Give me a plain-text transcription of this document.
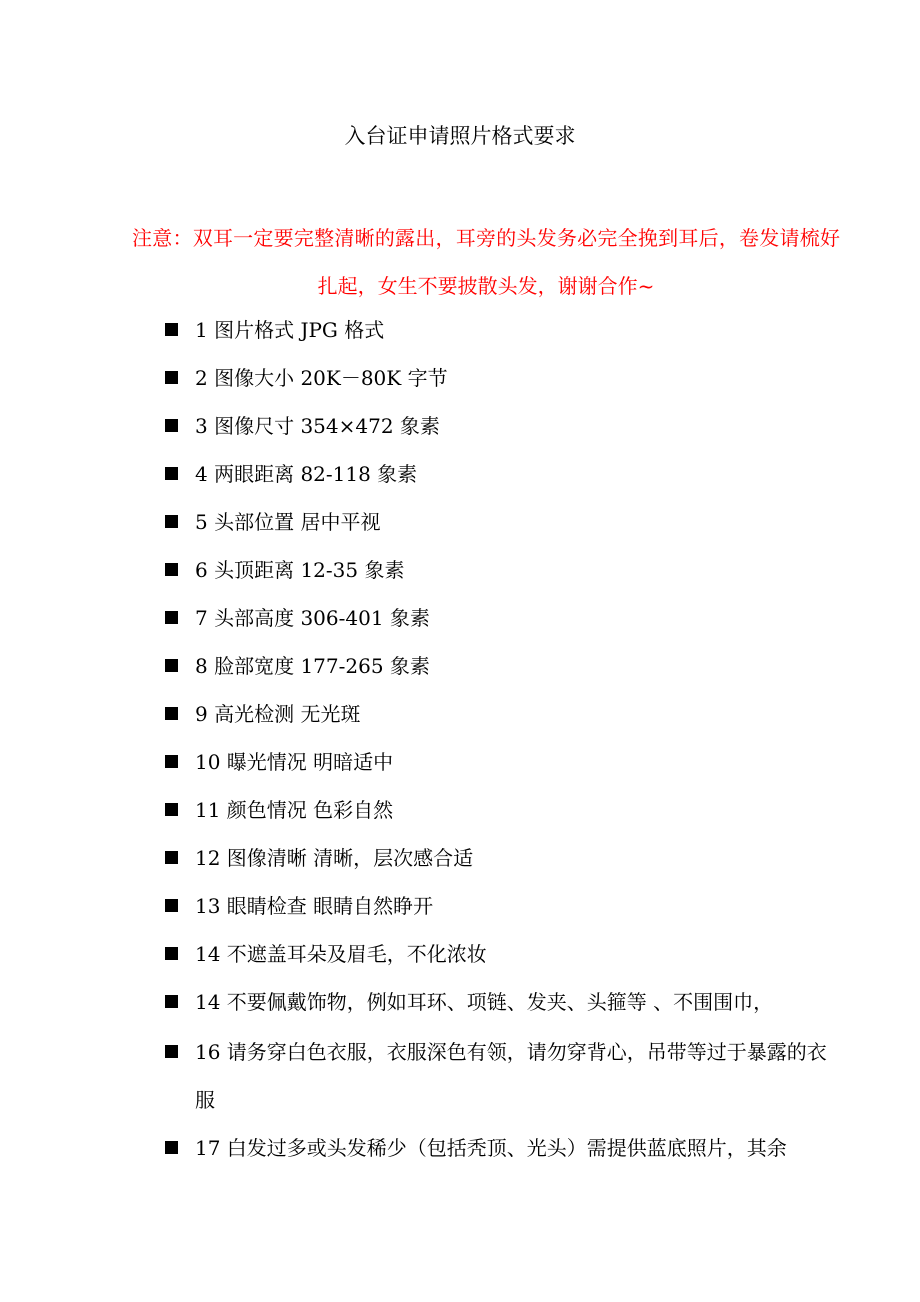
入台证申请照片格式要求
注意：双耳一定要完整清晰的露出，耳旁的头发务必完全挽到耳后，卷发请梳好扎起，女生不要披散头发，谢谢合作~
1 图片格式 JPG 格式
2 图像大小 20K－80K 字节
3 图像尺寸 354×472 象素
4 两眼距离 82-118 象素
5 头部位置 居中平视
6 头顶距离 12-35 象素
7 头部高度 306-401 象素
8 脸部宽度 177-265 象素
9 高光检测 无光斑
10 曝光情况 明暗适中
11 颜色情况 色彩自然
12 图像清晰 清晰，层次感合适
13 眼睛检查 眼睛自然睁开
14 不遮盖耳朵及眉毛，不化浓妆
14 不要佩戴饰物，例如耳环、项链、发夹、头箍等 、不围围巾，
16 请务穿白色衣服，衣服深色有领，请勿穿背心，吊带等过于暴露的衣服
17 白发过多或头发稀少（包括秃顶、光头）需提供蓝底照片，其余
